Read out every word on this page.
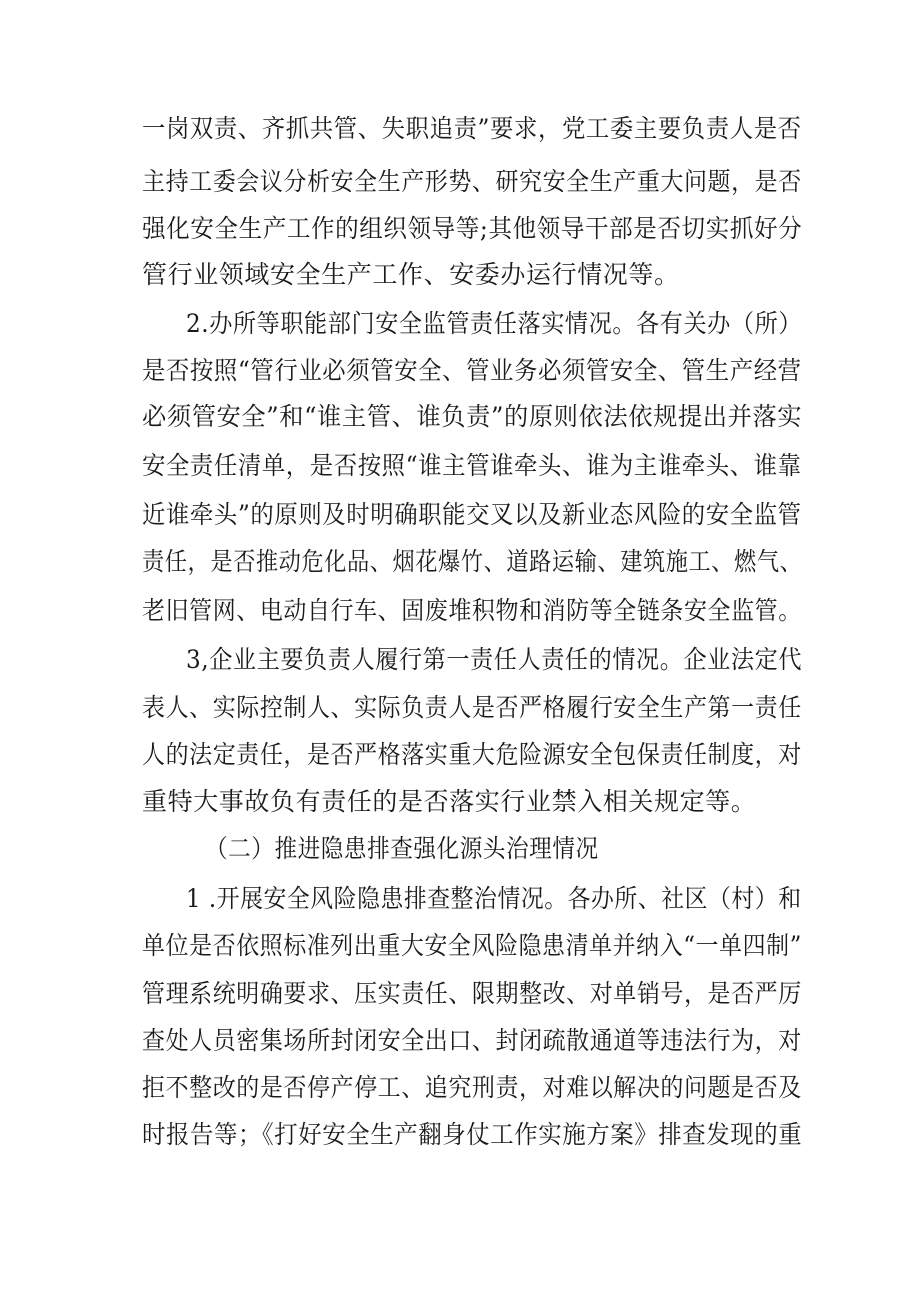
一岗双责、齐抓共管、失职追责”要求，党工委主要负责人是否
主持工委会议分析安全生产形势、研究安全生产重大问题，是否
强化安全生产工作的组织领导等;其他领导干部是否切实抓好分
管行业领域安全生产工作、安委办运行情况等。
2.办所等职能部门安全监管责任落实情况。各有关办（所）
是否按照“管行业必须管安全、管业务必须管安全、管生产经营
必须管安全”和“谁主管、谁负责”的原则依法依规提出并落实
安全责任清单，是否按照“谁主管谁牵头、谁为主谁牵头、谁靠
近谁牵头”的原则及时明确职能交叉以及新业态风险的安全监管
责任，是否推动危化品、烟花爆竹、道路运输、建筑施工、燃气、
老旧管网、电动自行车、固废堆积物和消防等全链条安全监管。
3,企业主要负责人履行第一责任人责任的情况。企业法定代
表人、实际控制人、实际负责人是否严格履行安全生产第一责任
人的法定责任，是否严格落实重大危险源安全包保责任制度，对
重特大事故负有责任的是否落实行业禁入相关规定等。
（二）推进隐患排查强化源头治理情况
1 .开展安全风险隐患排查整治情况。各办所、社区（村）和
单位是否依照标准列出重大安全风险隐患清单并纳入“一单四制”
管理系统明确要求、压实责任、限期整改、对单销号，是否严厉
查处人员密集场所封闭安全出口、封闭疏散通道等违法行为，对
拒不整改的是否停产停工、追究刑责，对难以解决的问题是否及
时报告等；《打好安全生产翻身仗工作实施方案》排查发现的重
